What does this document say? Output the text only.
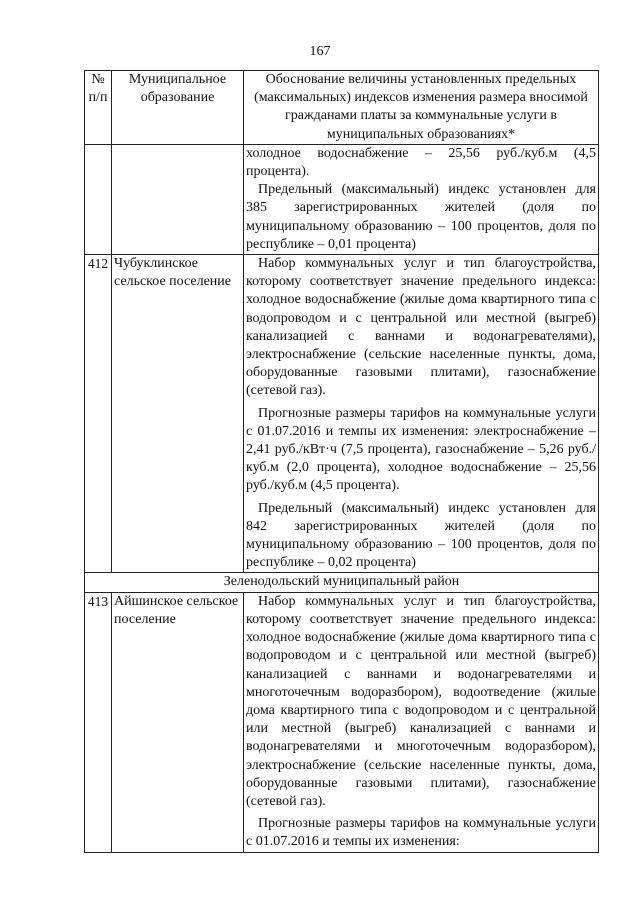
167
№ п/п	Муниципальное образование	Обоснование величины установленных предельных (максимальных) индексов изменения размера вносимой гражданами платы за коммунальные услуги в муниципальных образованиях*

		холодное водоснабжение – 25,56 руб./куб.м (4,5 процента).

Предельный (максимальный) индекс установлен для 385 зарегистрированных жителей (доля по муниципальному образованию – 100 процентов, доля по республике – 0,01 процента)

412	Чубуклинское сельское поселение	Набор коммунальных услуг и тип благоустройства, которому соответствует значение предельного индекса: холодное водоснабжение (жилые дома квартирного типа с водопроводом и с центральной или местной (выгреб) канализацией с ваннами и водонагревателями), электроснабжение (сельские населенные пункты, дома, оборудованные газовыми плитами), газоснабжение (сетевой газ).

Прогнозные размеры тарифов на коммунальные услуги с 01.07.2016 и темпы их изменения: электроснабжение – 2,41 руб./кВт·ч (7,5 процента), газоснабжение – 5,26 руб./куб.м (2,0 процента), холодное водоснабжение – 25,56 руб./куб.м (4,5 процента).

Предельный (максимальный) индекс установлен для 842 зарегистрированных жителей (доля по муниципальному образованию – 100 процентов, доля по республике – 0,02 процента)

Зеленодольский муниципальный район		
413	Айшинское сельское поселение	Набор коммунальных услуг и тип благоустройства, которому соответствует значение предельного индекса: холодное водоснабжение (жилые дома квартирного типа с водопроводом и с центральной или местной (выгреб) канализацией с ваннами и водонагревателями и многоточечным водоразбором), водоотведение (жилые дома квартирного типа с водопроводом и с центральной или местной (выгреб) канализацией с ваннами и водонагревателями и многоточечным водоразбором), электроснабжение (сельские населенные пункты, дома, оборудованные газовыми плитами), газоснабжение (сетевой газ).

Прогнозные размеры тарифов на коммунальные услуги с 01.07.2016 и темпы их изменения:
